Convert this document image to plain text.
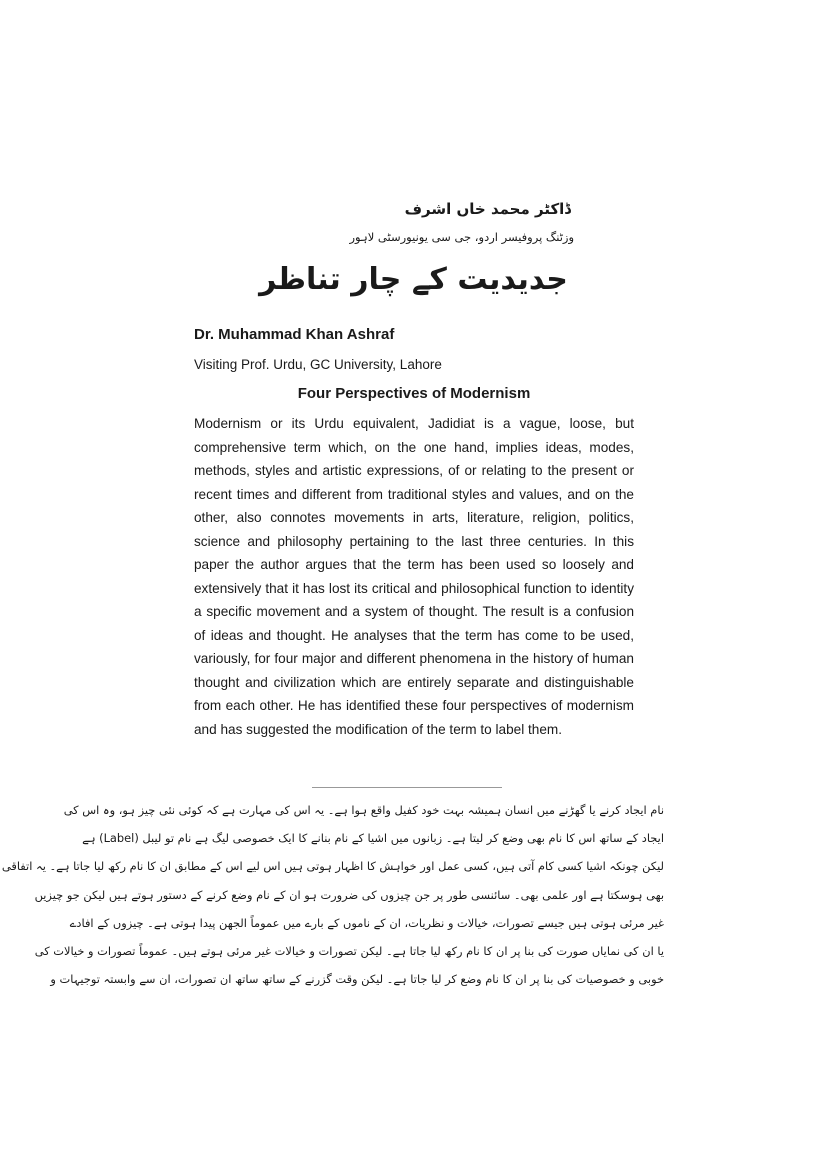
ڈاکٹر محمد خاں اشرف
وزٹنگ پروفیسر اردو، جی سی یونیورسٹی لاہور
جدیدیت کے چار تناظر
Dr. Muhammad Khan Ashraf
Visiting Prof. Urdu, GC University, Lahore
Four Perspectives of Modernism

Modernism or its Urdu equivalent, Jadidiat is a vague, loose, but comprehensive term which, on the one hand, implies ideas, modes, methods, styles and artistic expressions, of or relating to the present or recent times and different from traditional styles and values, and on the other, also connotes movements in arts, literature, religion, politics, science and philosophy pertaining to the last three centuries. In this paper the author argues that the term has been used so loosely and extensively that it has lost its critical and philosophical function to identity a specific movement and a system of thought. The result is a confusion of ideas and thought. He analyses that the term has come to be used, variously, for four major and different phenomena in the history of human thought and civilization which are entirely separate and distinguishable from each other. He has identified these four perspectives of modernism and has suggested the modification of the term to label them.

نام ایجاد کرنے یا گھڑنے میں انسان ہمیشہ بہت خود کفیل واقع ہوا ہے۔ یہ اس کی مہارت ہے کہ کوئی نئی چیز ہو، وہ اس کی
ایجاد کے ساتھ اس کا نام بھی وضع کر لیتا ہے۔ زبانوں میں اشیا کے نام بنانے کا ایک خصوصی لیگ ہے نام تو لیبل (Label) ہے
لیکن چونکہ اشیا کسی کام آتی ہیں، کسی عمل اور خواہش کا اظہار ہوتی ہیں اس لیے اس کے مطابق ان کا نام رکھ لیا جاتا ہے۔ یہ اتفاقی
بھی ہوسکتا ہے اور علمی بھی۔ سائنسی طور پر جن چیزوں کی ضرورت ہو ان کے نام وضع کرنے کے دستور ہوتے ہیں لیکن جو چیزیں
غیر مرئی ہوتی ہیں جیسے تصورات، خیالات و نظریات، ان کے ناموں کے بارے میں عموماً الجھن پیدا ہوتی ہے۔ چیزوں کے افادے
یا ان کی نمایاں صورت کی بنا پر ان کا نام رکھ لیا جاتا ہے۔ لیکن تصورات و خیالات غیر مرئی ہوتے ہیں۔ عموماً تصورات و خیالات کی
خوبی و خصوصیات کی بنا پر ان کا نام وضع کر لیا جاتا ہے۔ لیکن وقت گزرنے کے ساتھ ساتھ ان تصورات، ان سے وابستہ توجیہات و
